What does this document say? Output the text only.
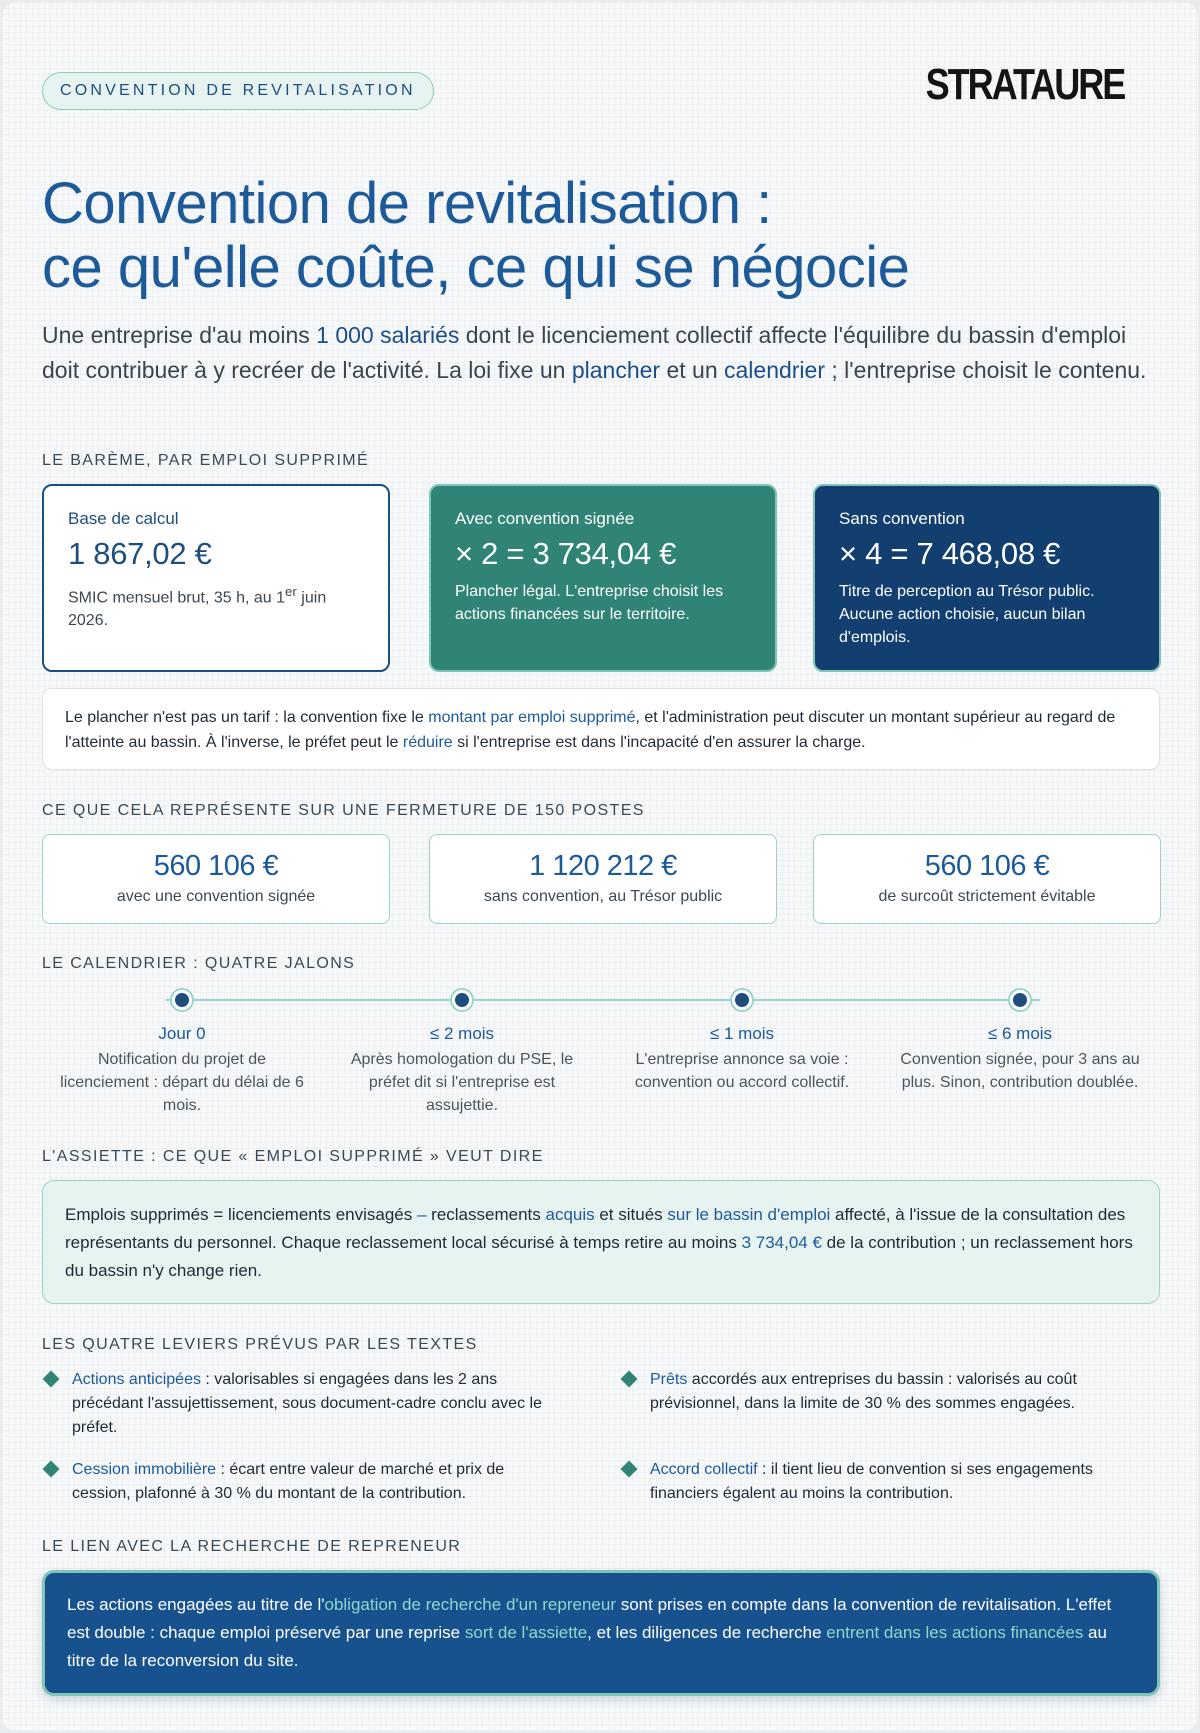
CONVENTION DE REVITALISATION	STRATAURE
Convention de revitalisation :
ce qu'elle coûte, ce qui se négocie

Une entreprise d'au moins 1 000 salariés dont le licenciement collectif affecte l'équilibre du bassin d'emploi doit contribuer à y recréer de l'activité. La loi fixe un plancher et un calendrier ; l'entreprise choisit le contenu.

LE BARÈME, PAR EMPLOI SUPPRIMÉ
Base de calcul
1 867,02 €
SMIC mensuel brut, 35 h, au 1er juin 2026.
Avec convention signée
× 2 = 3 734,04 €
Plancher légal. L'entreprise choisit les actions financées sur le territoire.
Sans convention
× 4 = 7 468,08 €
Titre de perception au Trésor public. Aucune action choisie, aucun bilan d'emplois.
Le plancher n'est pas un tarif : la convention fixe le montant par emploi supprimé, et l'administration peut discuter un montant supérieur au regard de l'atteinte au bassin. À l'inverse, le préfet peut le réduire si l'entreprise est dans l'incapacité d'en assurer la charge.
CE QUE CELA REPRÉSENTE SUR UNE FERMETURE DE 150 POSTES
560 106 €
avec une convention signée
1 120 212 €
sans convention, au Trésor public
560 106 €
de surcoût strictement évitable
LE CALENDRIER : QUATRE JALONS
Jour 0
Notification du projet de licenciement : départ du délai de 6 mois.
≤ 2 mois
Après homologation du PSE, le préfet dit si l'entreprise est assujettie.
≤ 1 mois
L'entreprise annonce sa voie : convention ou accord collectif.
≤ 6 mois
Convention signée, pour 3 ans au plus. Sinon, contribution doublée.
L'ASSIETTE : CE QUE « EMPLOI SUPPRIMÉ » VEUT DIRE
Emplois supprimés = licenciements envisagés – reclassements acquis et situés sur le bassin d'emploi affecté, à l'issue de la consultation des représentants du personnel. Chaque reclassement local sécurisé à temps retire au moins 3 734,04 € de la contribution ; un reclassement hors du bassin n'y change rien.
LES QUATRE LEVIERS PRÉVUS PAR LES TEXTES
Actions anticipées : valorisables si engagées dans les 2 ans précédant l'assujettissement, sous document-cadre conclu avec le préfet.
Prêts accordés aux entreprises du bassin : valorisés au coût prévisionnel, dans la limite de 30 % des sommes engagées.
Cession immobilière : écart entre valeur de marché et prix de cession, plafonné à 30 % du montant de la contribution.
Accord collectif : il tient lieu de convention si ses engagements financiers égalent au moins la contribution.
LE LIEN AVEC LA RECHERCHE DE REPRENEUR
Les actions engagées au titre de l'obligation de recherche d'un repreneur sont prises en compte dans la convention de revitalisation. L'effet est double : chaque emploi préservé par une reprise sort de l'assiette, et les diligences de recherche entrent dans les actions financées au titre de la reconversion du site.
